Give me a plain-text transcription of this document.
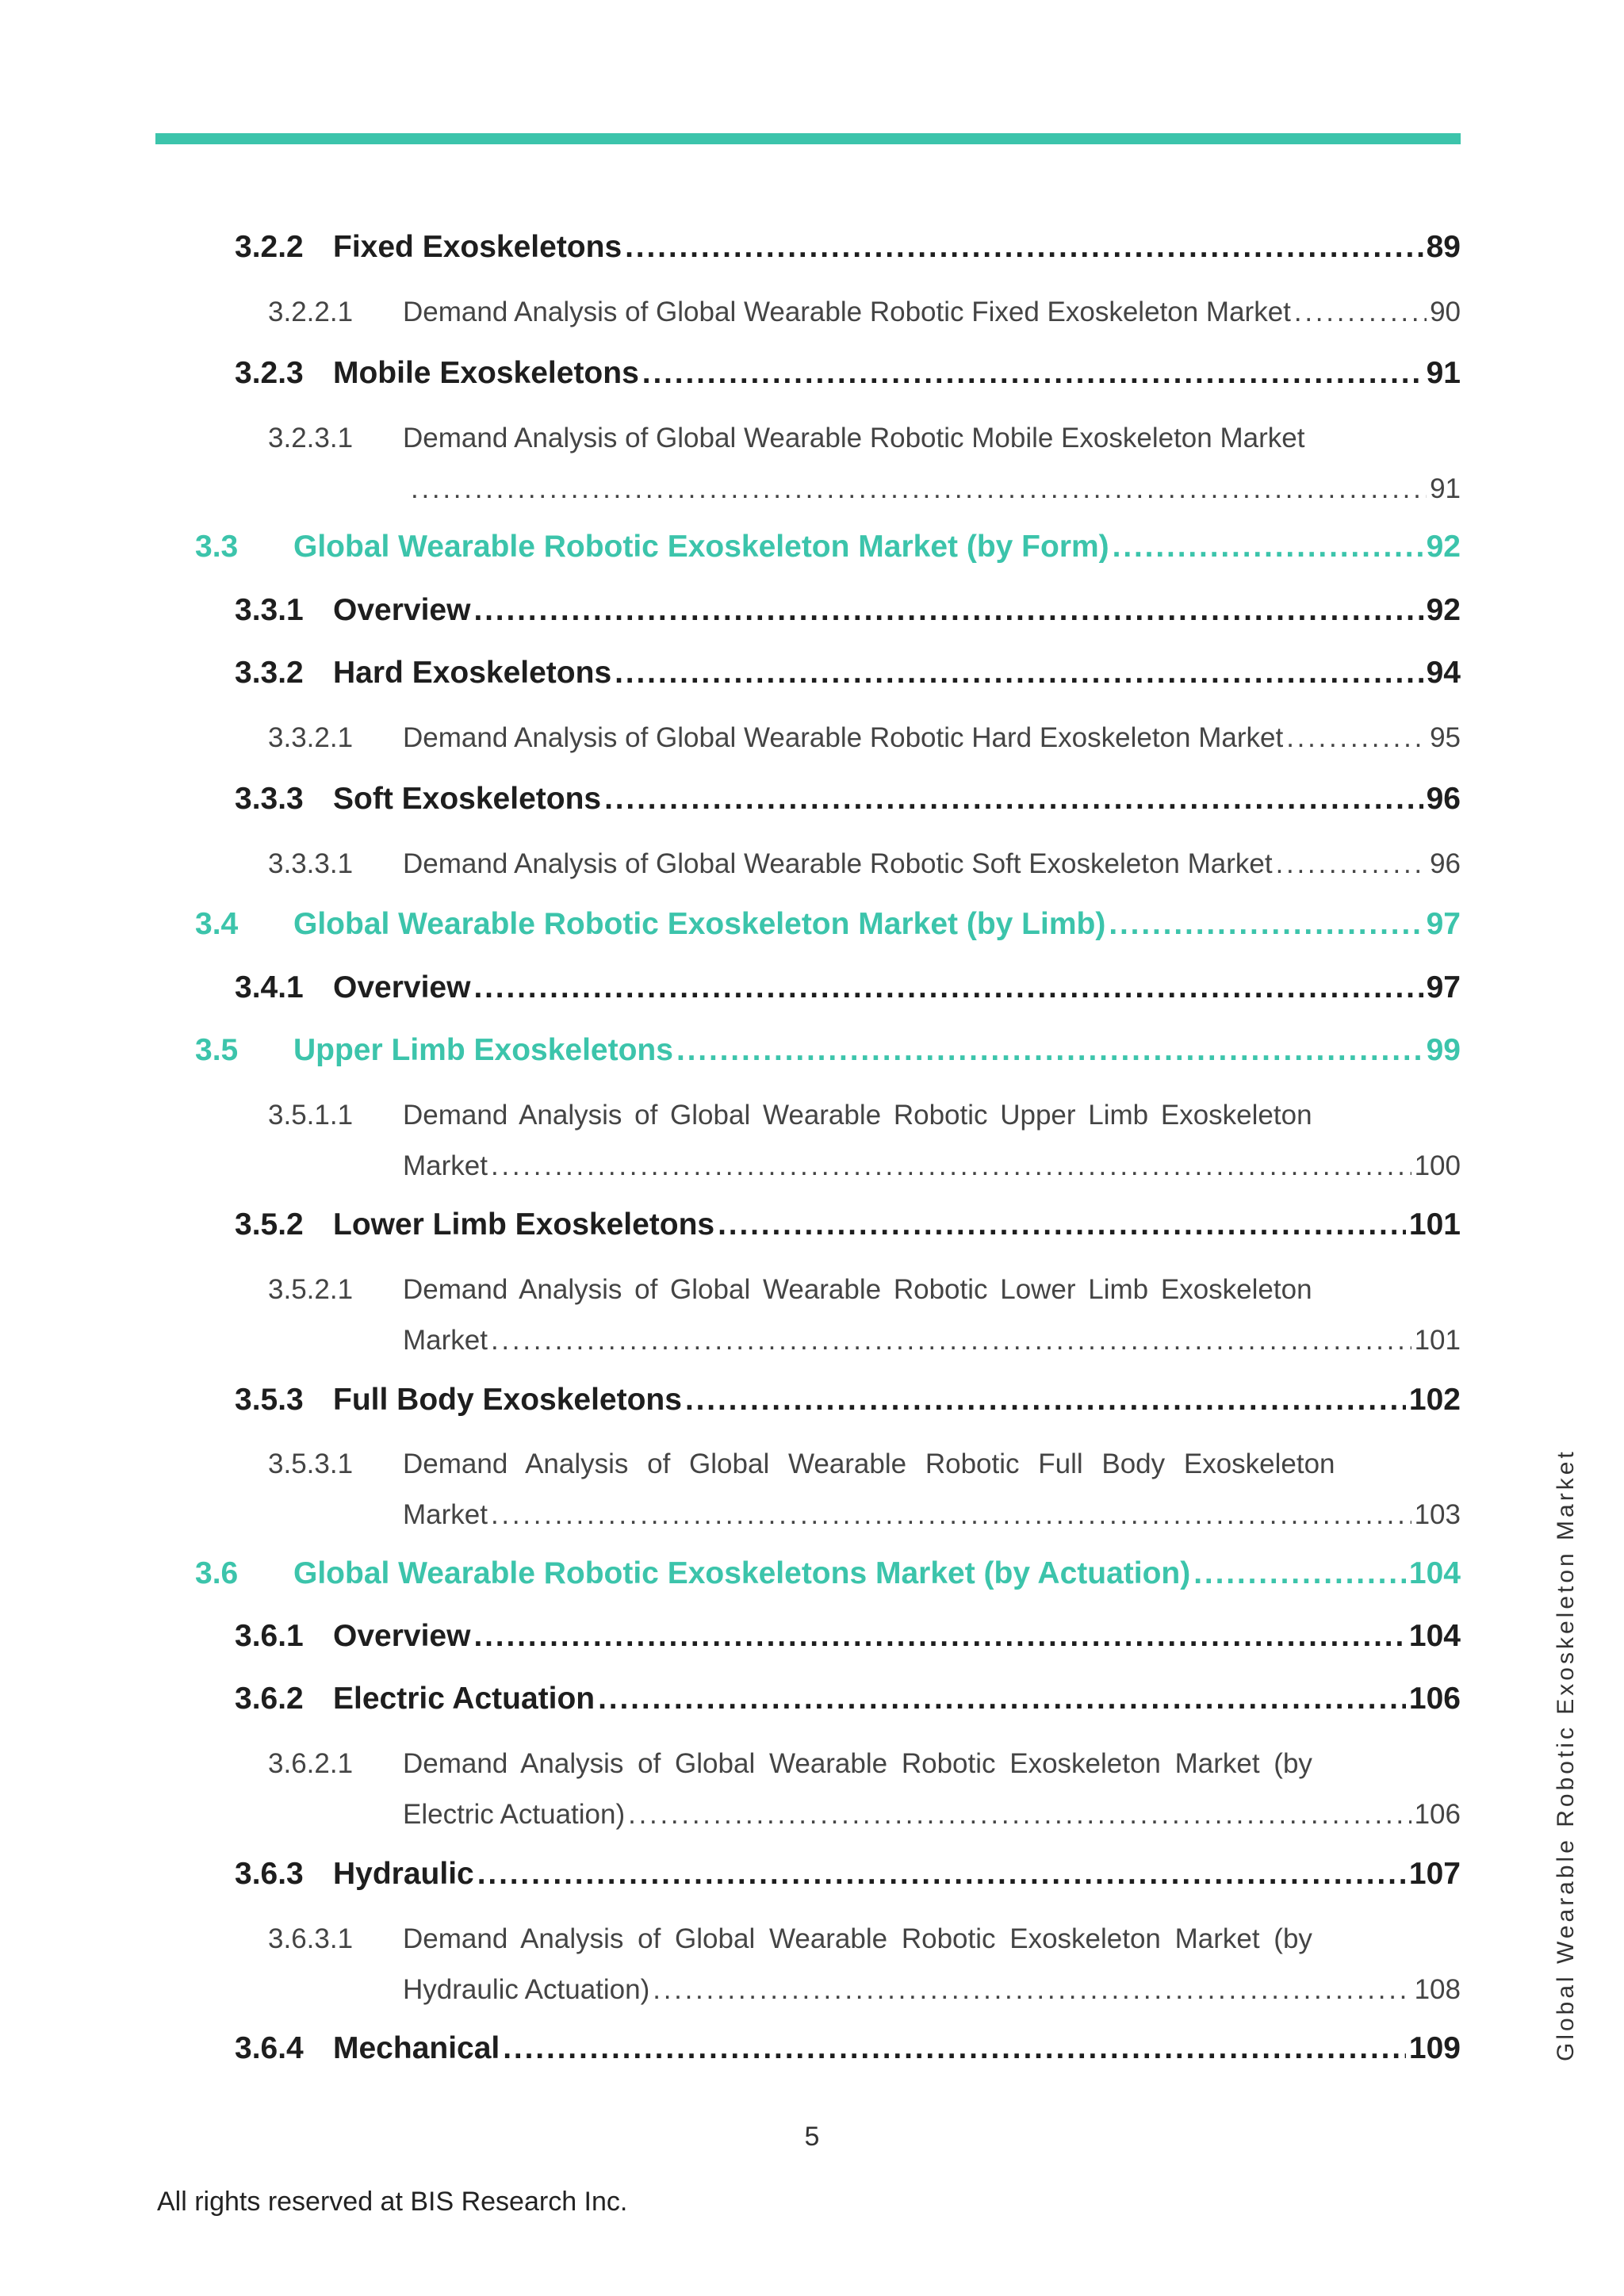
3.2.2 Fixed Exoskeletons . . .	89
3.2.2.1	Demand Analysis of Global Wearable Robotic Fixed Exoskeleton Market . . .	90
3.2.3 Mobile Exoskeletons . . .	91
3.2.3.1	Demand Analysis of Global Wearable Robotic Mobile Exoskeleton Market
. . .
91
3.3	Global Wearable Robotic Exoskeleton Market (by Form) . . .	92
3.3.1 Overview . . .	92
3.3.2 Hard Exoskeletons . . .	94
3.3.2.1	Demand Analysis of Global Wearable Robotic Hard Exoskeleton Market . . .	95
3.3.3 Soft Exoskeletons . . .	96
3.3.3.1	Demand Analysis of Global Wearable Robotic Soft Exoskeleton Market . . .	96
3.4	Global Wearable Robotic Exoskeleton Market (by Limb) . . .	97
3.4.1 Overview . . .	97
3.5	Upper Limb Exoskeletons . . .	99
3.5.1.1	Demand Analysis of Global Wearable Robotic Upper Limb Exoskeleton
Market . . .	100
3.5.2 Lower Limb Exoskeletons . . .	101
3.5.2.1	Demand Analysis of Global Wearable Robotic Lower Limb Exoskeleton
Market . . .	101
3.5.3 Full Body Exoskeletons . . .	102
3.5.3.1	Demand Analysis of Global Wearable Robotic Full Body Exoskeleton
Market . . .	103
3.6	Global Wearable Robotic Exoskeletons Market (by Actuation) . . .	104
3.6.1 Overview . . .	104
3.6.2 Electric Actuation . . .	106
3.6.2.1	Demand Analysis of Global Wearable Robotic Exoskeleton Market (by
Electric Actuation) . . .	106
3.6.3 Hydraulic . . .	107
3.6.3.1	Demand Analysis of Global Wearable Robotic Exoskeleton Market (by
Hydraulic Actuation) . . .	108
3.6.4 Mechanical . . .	109
5
All rights reserved at BIS Research Inc.
Global Wearable Robotic Exoskeleton Market
